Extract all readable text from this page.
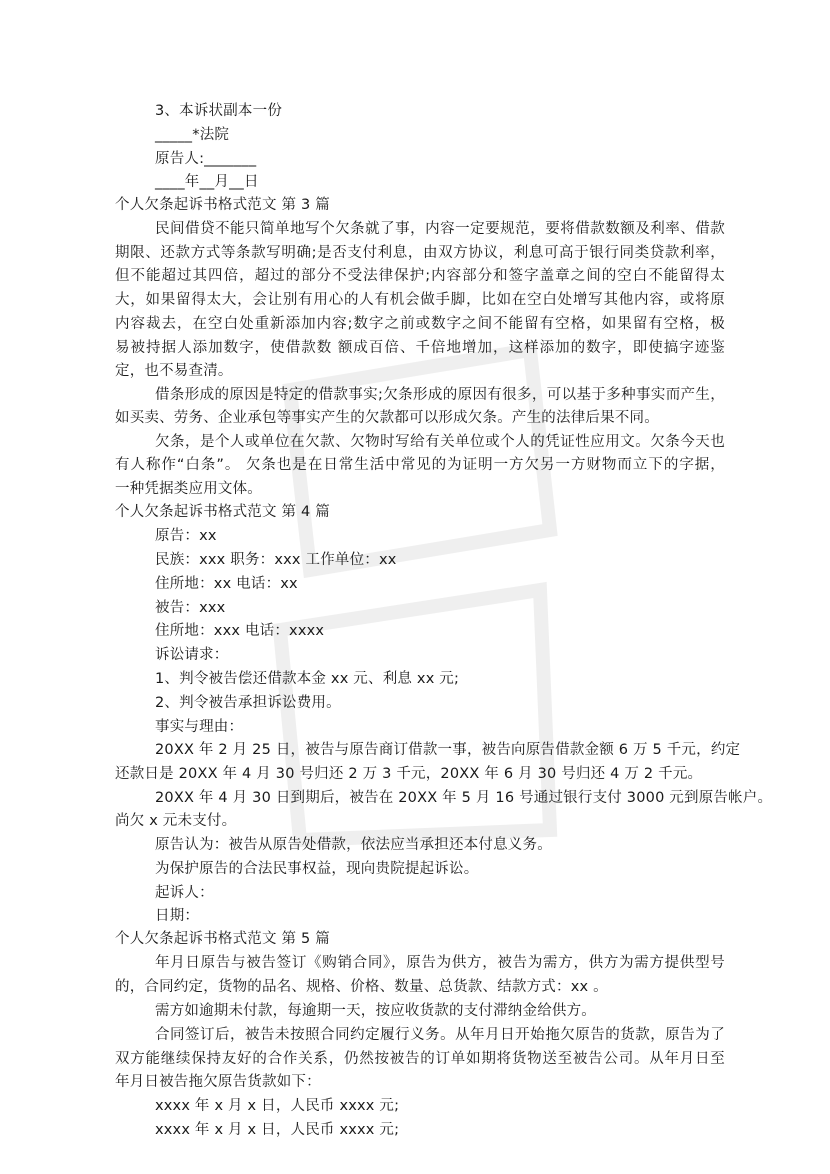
3、本诉状副本一份
_____*法院
原告人:_______
____年__月__日
个人欠条起诉书格式范文 第 3 篇
民间借贷不能只简单地写个欠条就了事，内容一定要规范，要将借款数额及利率、借款
期限、还款方式等条款写明确;是否支付利息，由双方协议，利息可高于银行同类贷款利率，
但不能超过其四倍，超过的部分不受法律保护;内容部分和签字盖章之间的空白不能留得太
大，如果留得太大，会让别有用心的人有机会做手脚，比如在空白处增写其他内容，或将原
内容裁去，在空白处重新添加内容;数字之前或数字之间不能留有空格，如果留有空格，极
易被持据人添加数字，使借款数 额成百倍、千倍地增加，这样添加的数字，即使搞字迹鉴
定，也不易查清。
借条形成的原因是特定的借款事实;欠条形成的原因有很多，可以基于多种事实而产生，
如买卖、劳务、企业承包等事实产生的欠款都可以形成欠条。产生的法律后果不同。
欠条，是个人或单位在欠款、欠物时写给有关单位或个人的凭证性应用文。欠条今天也
有人称作“白条”。 欠条也是在日常生活中常见的为证明一方欠另一方财物而立下的字据，
一种凭据类应用文体。
个人欠条起诉书格式范文 第 4 篇
原告：xx
民族：xxx 职务：xxx 工作单位：xx
住所地：xx 电话：xx
被告：xxx
住所地：xxx 电话：xxxx
诉讼请求：
1、判令被告偿还借款本金 xx 元、利息 xx 元;
2、判令被告承担诉讼费用。
事实与理由：
20XX 年 2 月 25 日，被告与原告商订借款一事，被告向原告借款金额 6 万 5 千元，约定
还款日是 20XX 年 4 月 30 号归还 2 万 3 千元，20XX 年 6 月 30 号归还 4 万 2 千元。
20XX 年 4 月 30 日到期后，被告在 20XX 年 5 月 16 号通过银行支付 3000 元到原告帐户。
尚欠 x 元未支付。
原告认为：被告从原告处借款，依法应当承担还本付息义务。
为保护原告的合法民事权益，现向贵院提起诉讼。
起诉人：
日期：
个人欠条起诉书格式范文 第 5 篇
年月日原告与被告签订《购销合同》，原告为供方，被告为需方，供方为需方提供型号
的，合同约定，货物的品名、规格、价格、数量、总货款、结款方式：xx 。
需方如逾期未付款，每逾期一天，按应收货款的支付滞纳金给供方。
合同签订后，被告未按照合同约定履行义务。从年月日开始拖欠原告的货款，原告为了
双方能继续保持友好的合作关系，仍然按被告的订单如期将货物送至被告公司。从年月日至
年月日被告拖欠原告货款如下：
xxxx 年 x 月 x 日，人民币 xxxx 元;
xxxx 年 x 月 x 日，人民币 xxxx 元;
